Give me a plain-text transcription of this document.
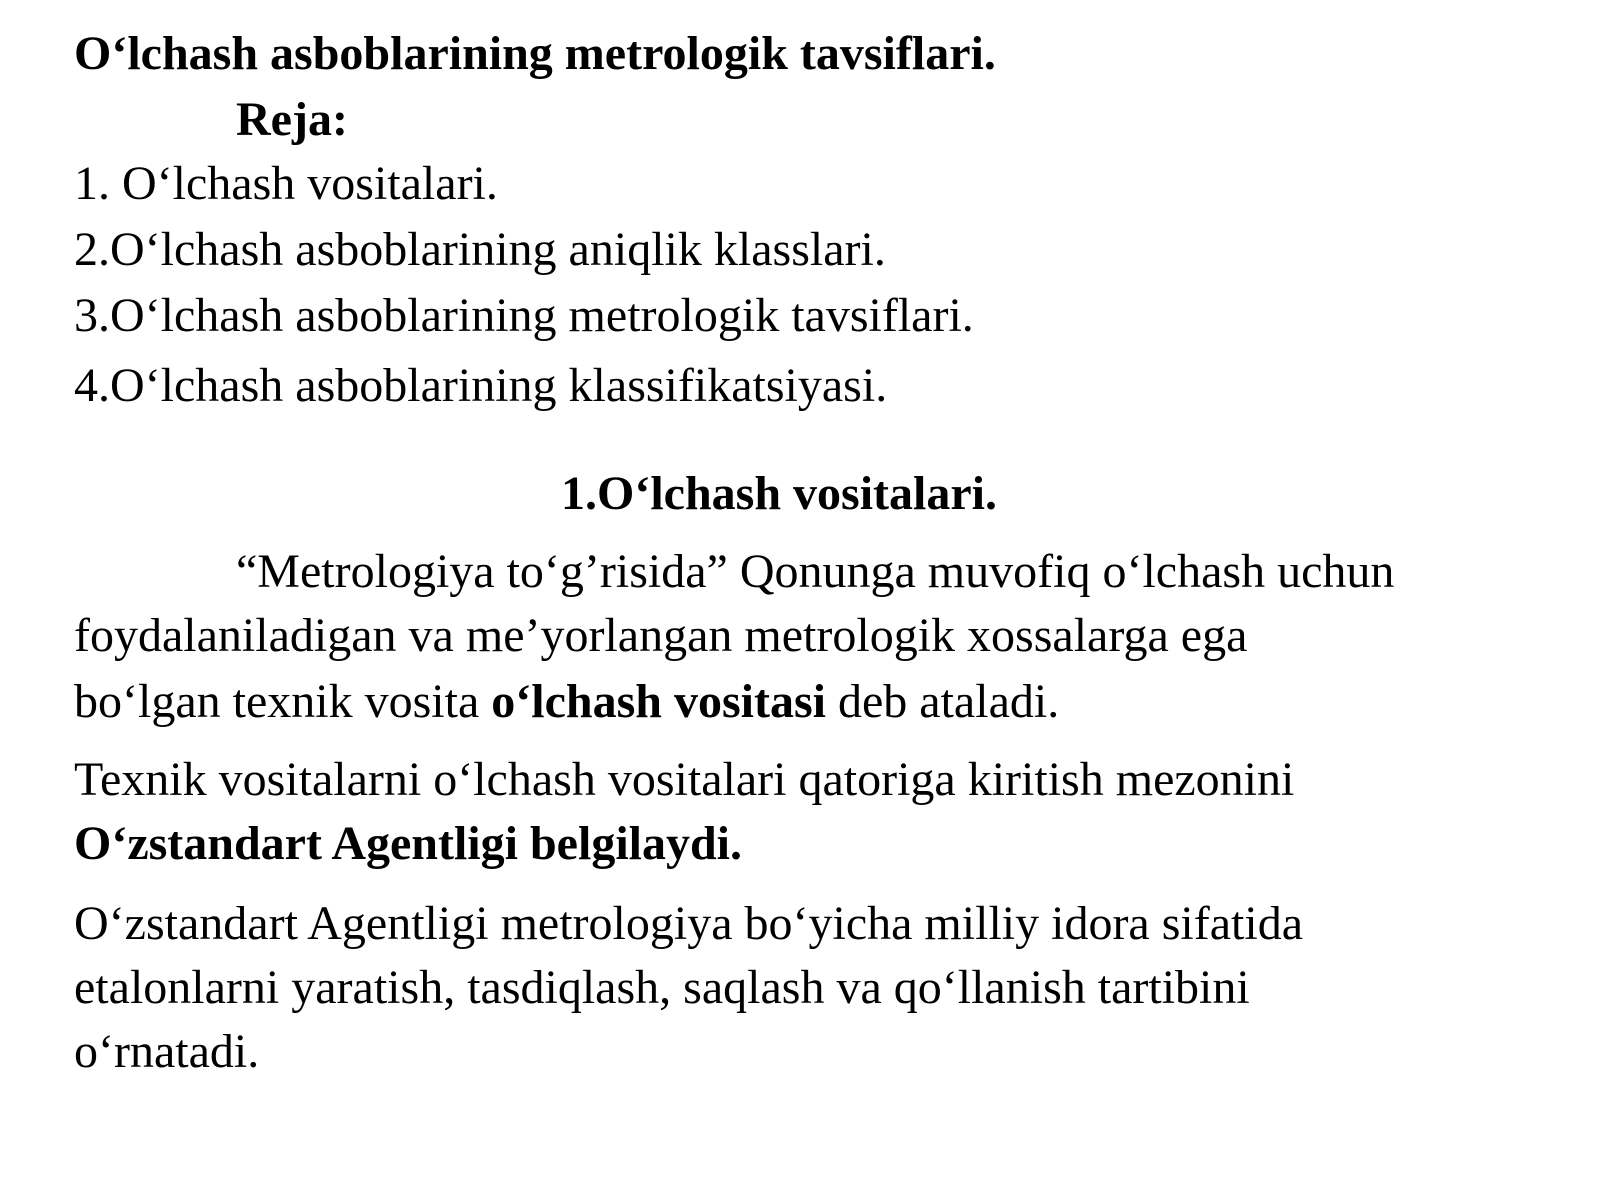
O‘lchash asboblarining metrologik tavsiflari.
Reja:
1. O‘lchash vositalari.
2.O‘lchash asboblarining aniqlik klasslari.
3.O‘lchash asboblarining metrologik tavsiflari.
4.O‘lchash asboblarining klassifikatsiyasi.
1.O‘lchash vositalari.
“Metrologiya to‘g’risida” Qonunga muvofiq o‘lchash uchun
foydalaniladigan va me’yorlangan metrologik xossalarga ega
bo‘lgan texnik vosita o‘lchash vositasi deb ataladi.
Texnik vositalarni o‘lchash vositalari qatoriga kiritish mezonini
O‘zstandart Agentligi belgilaydi.
O‘zstandart Agentligi metrologiya bo‘yicha milliy idora sifatida
etalonlarni yaratish, tasdiqlash, saqlash va qo‘llanish tartibini
o‘rnatadi.
